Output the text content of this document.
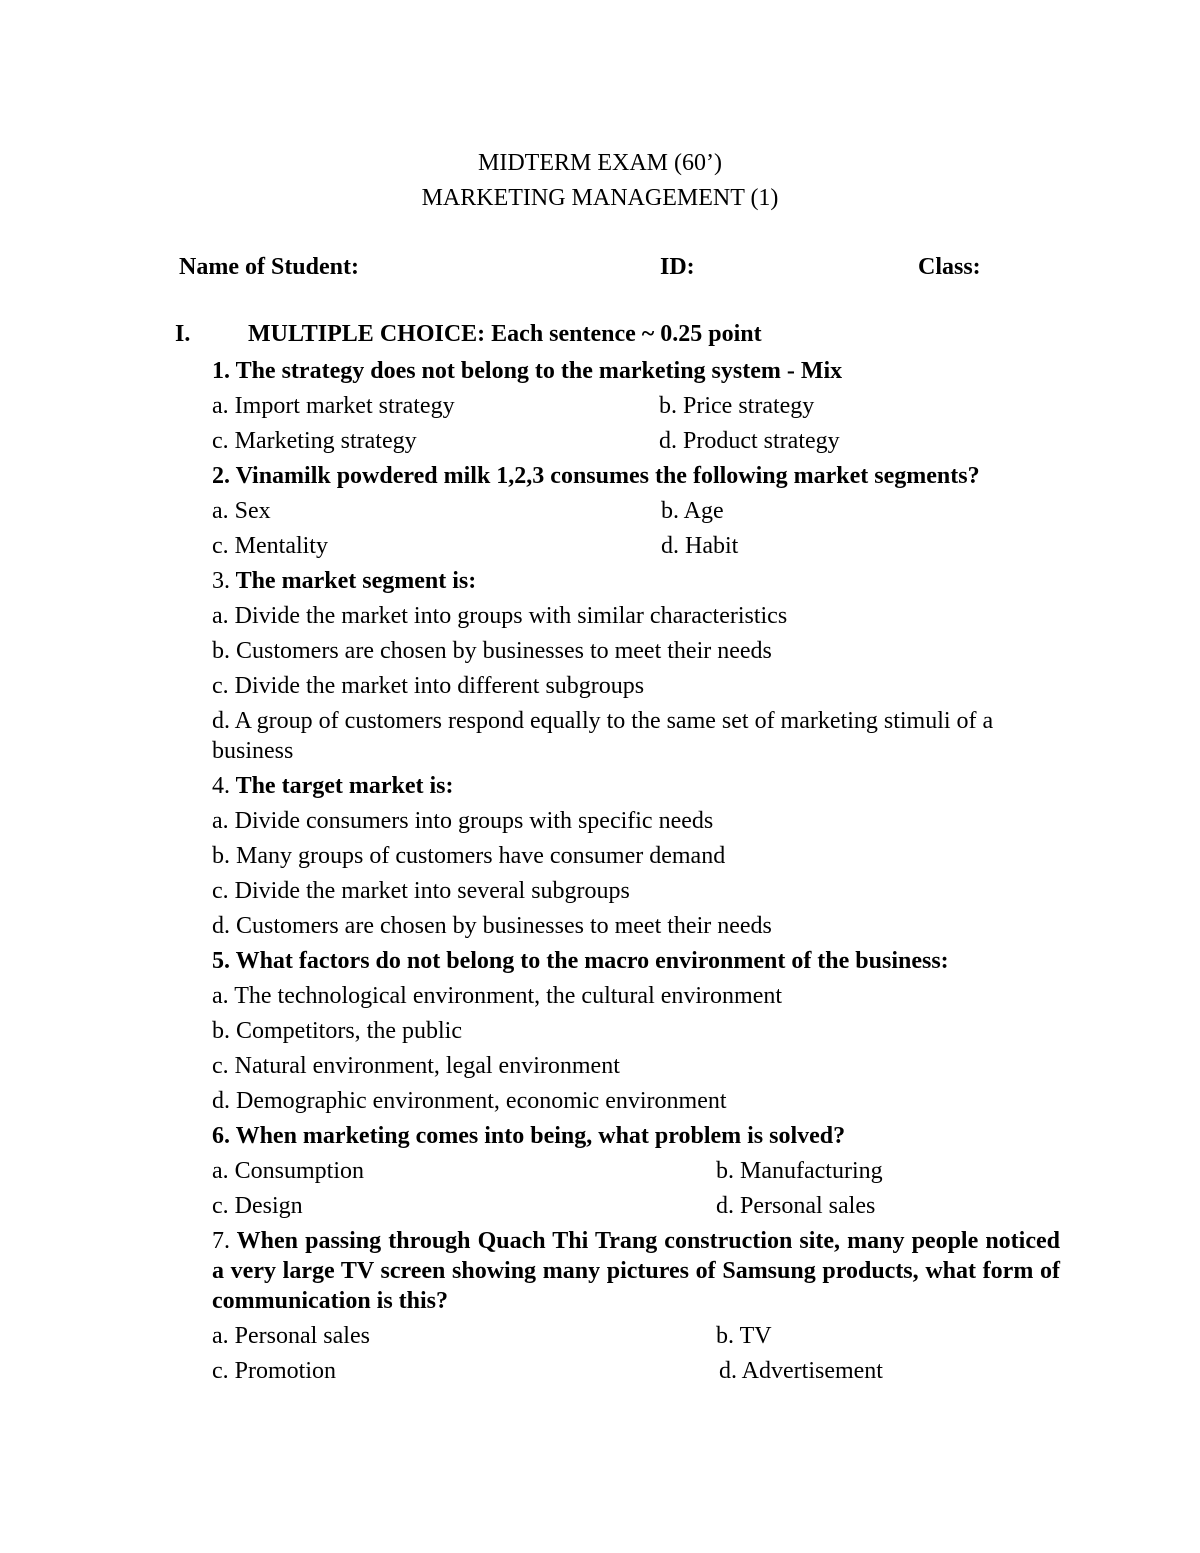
MIDTERM EXAM (60’)
MARKETING MANAGEMENT (1)
Name of Student:	ID:	Class:
I. MULTIPLE CHOICE: Each sentence ~ 0.25 point
1. The strategy does not belong to the marketing system - Mix
a. Import market strategy	b. Price strategy
c. Marketing strategy	d. Product strategy
2. Vinamilk powdered milk 1,2,3 consumes the following market segments?
a. Sex	b. Age
c. Mentality	d. Habit
3. The market segment is:
a. Divide the market into groups with similar characteristics
b. Customers are chosen by businesses to meet their needs
c. Divide the market into different subgroups
d. A group of customers respond equally to the same set of marketing stimuli of a business
4. The target market is:
a. Divide consumers into groups with specific needs
b. Many groups of customers have consumer demand
c. Divide the market into several subgroups
d. Customers are chosen by businesses to meet their needs
5. What factors do not belong to the macro environment of the business:
a. The technological environment, the cultural environment
b. Competitors, the public
c. Natural environment, legal environment
d. Demographic environment, economic environment
6. When marketing comes into being, what problem is solved?
a. Consumption	b. Manufacturing
c. Design	d. Personal sales
7. When passing through Quach Thi Trang construction site, many people noticed a very large TV screen showing many pictures of Samsung products, what form of communication is this?
a. Personal sales	b. TV
c. Promotion	d. Advertisement
